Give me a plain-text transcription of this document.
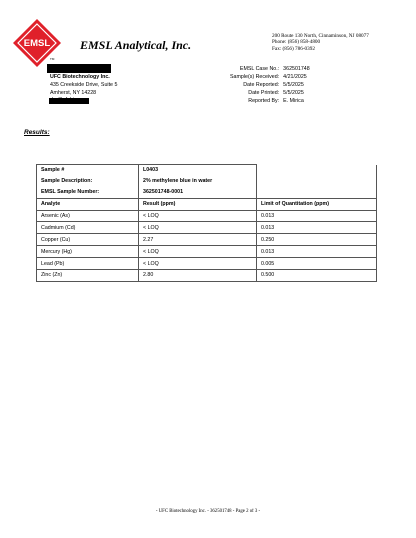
EMSL
TM
EMSL Analytical, Inc.
200 Route 130 North, Cinnaminson, NJ 08077
Phone: (856) 858-4800
Fax: (856) 786-0392
UFC Biotechnology Inc.
435 Creekside Drive, Suite 5
Amherst, NY 14228
EMSL Case No.:	362501748
Sample(s) Received:	4/21/2025
Date Reported:	5/5/2025
Date Printed:	5/5/2025
Reported By:	E. Mirica
Results:
Sample #	L0403	
Sample Description:	2% methylene blue in water	
EMSL Sample Number:	362501748-0001	
Analyte	Result (ppm)	Limit of Quantitation (ppm)
Arsenic (As)	< LOQ	0.013
Cadmium (Cd)	< LOQ	0.013
Copper (Cu)	2.27	0.250
Mercury (Hg)	< LOQ	0.013
Lead (Pb)	< LOQ	0.005
Zinc (Zn)	2.80	0.500
- UFC Biotechnology Inc. - 362501748 - Page 2 of 3 -
